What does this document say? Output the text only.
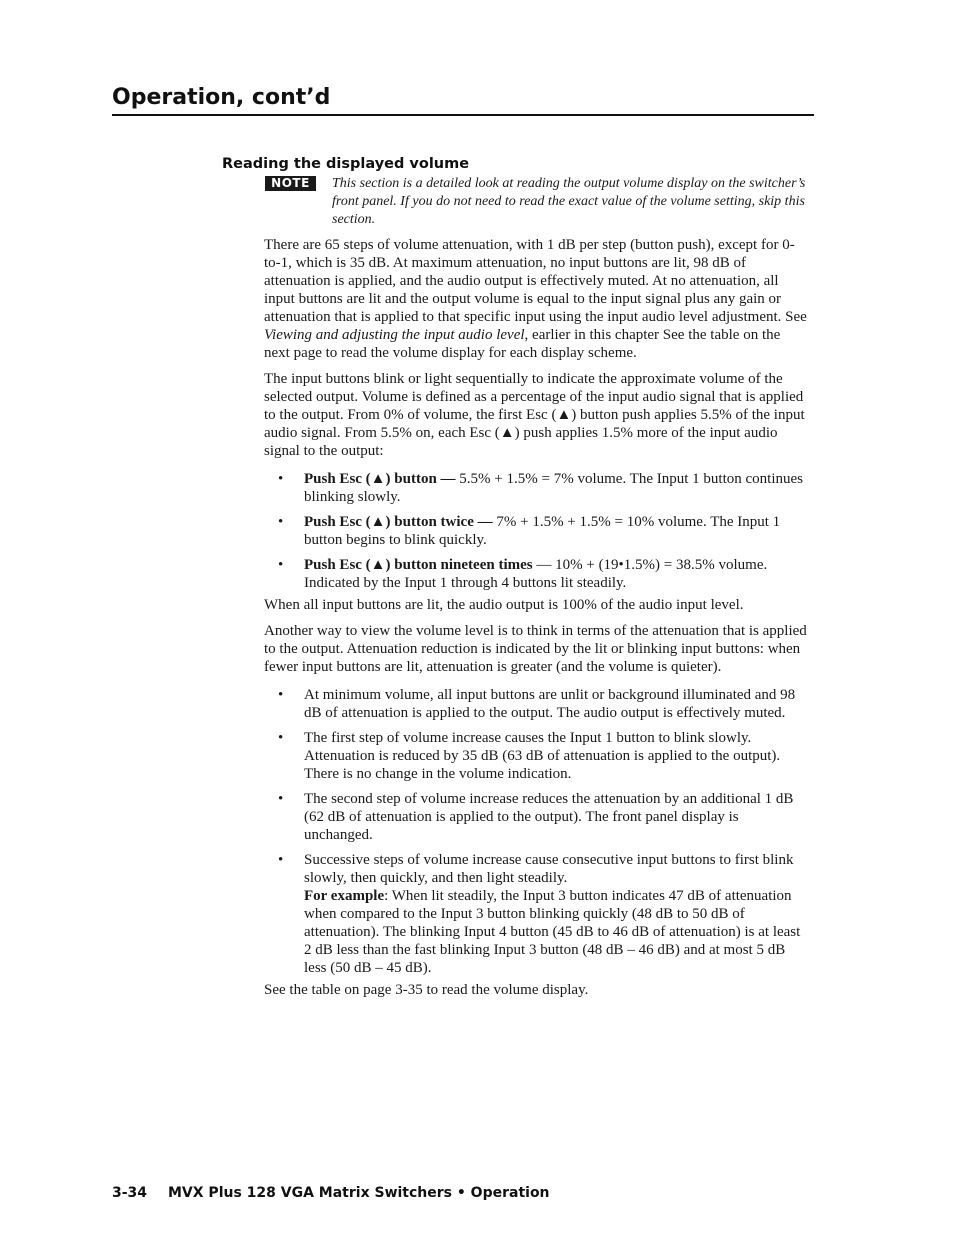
Operation, cont’d
Reading the displayed volume
NOTE	This section is a detailed look at reading the output volume display on the switcher’s front panel. If you do not need to read the exact value of the volume setting, skip this section.

There are 65 steps of volume attenuation, with 1 dB per step (button push), except for 0-to-1, which is 35 dB. At maximum attenuation, no input buttons are lit, 98 dB of attenuation is applied, and the audio output is effectively muted. At no attenuation, all input buttons are lit and the output volume is equal to the input signal plus any gain or attenuation that is applied to that specific input using the input audio level adjustment. See Viewing and adjusting the input audio level, earlier in this chapter See the table on the next page to read the volume display for each display scheme.

The input buttons blink or light sequentially to indicate the approximate volume of the selected output. Volume is defined as a percentage of the input audio signal that is applied to the output. From 0% of volume, the first Esc (▲) button push applies 5.5% of the input audio signal. From 5.5% on, each Esc (▲) push applies 1.5% more of the input audio signal to the output:

• Push Esc (▲) button — 5.5% + 1.5% = 7% volume. The Input 1 button continues blinking slowly.
• Push Esc (▲) button twice — 7% + 1.5% + 1.5% = 10% volume. The Input 1 button begins to blink quickly.
• Push Esc (▲) button nineteen times — 10% + (19•1.5%) = 38.5% volume. Indicated by the Input 1 through 4 buttons lit steadily.

When all input buttons are lit, the audio output is 100% of the audio input level.

Another way to view the volume level is to think in terms of the attenuation that is applied to the output. Attenuation reduction is indicated by the lit or blinking input buttons: when fewer input buttons are lit, attenuation is greater (and the volume is quieter).

• At minimum volume, all input buttons are unlit or background illuminated and 98 dB of attenuation is applied to the output. The audio output is effectively muted.
• The first step of volume increase causes the Input 1 button to blink slowly. Attenuation is reduced by 35 dB (63 dB of attenuation is applied to the output). There is no change in the volume indication.
• The second step of volume increase reduces the attenuation by an additional 1 dB (62 dB of attenuation is applied to the output). The front panel display is unchanged.
• Successive steps of volume increase cause consecutive input buttons to first blink slowly, then quickly, and then light steadily.

For example: When lit steadily, the Input 3 button indicates 47 dB of attenuation when compared to the Input 3 button blinking quickly (48 dB to 50 dB of attenuation). The blinking Input 4 button (45 dB to 46 dB of attenuation) is at least 2 dB less than the fast blinking Input 3 button (48 dB – 46 dB) and at most 5 dB less (50 dB – 45 dB).

See the table on page 3-35 to read the volume display.

3-34 MVX Plus 128 VGA Matrix Switchers • Operation
